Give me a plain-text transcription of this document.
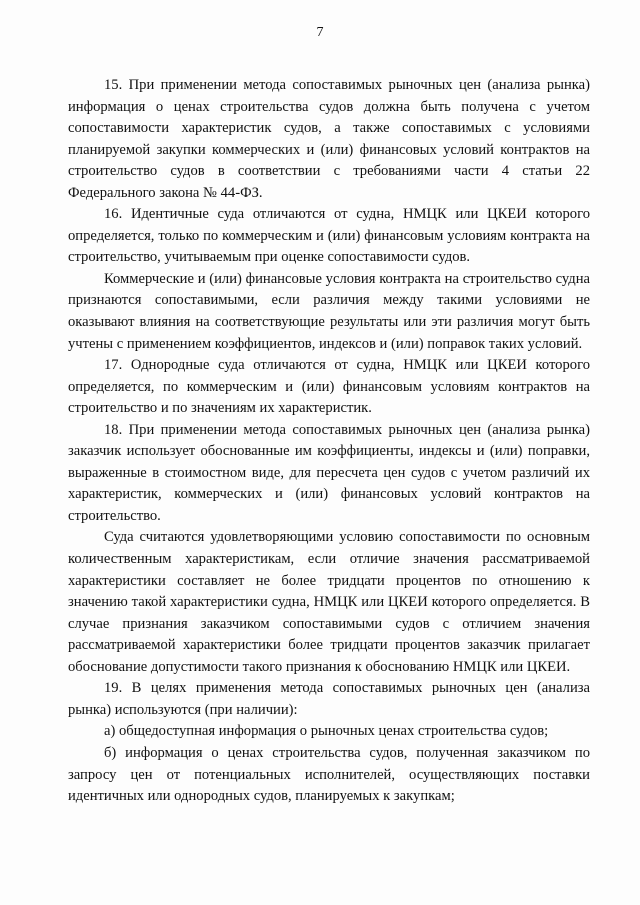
7

15. При применении метода сопоставимых рыночных цен (анализа рынка) информация о ценах строительства судов должна быть получена с учетом сопоставимости характеристик судов, а также сопоставимых с условиями планируемой закупки коммерческих и (или) финансовых условий контрактов на строительство судов в соответствии с требованиями части 4 статьи 22 Федерального закона № 44-ФЗ.

16. Идентичные суда отличаются от судна, НМЦК или ЦКЕИ которого определяется, только по коммерческим и (или) финансовым условиям контракта на строительство, учитываемым при оценке сопоставимости судов.

Коммерческие и (или) финансовые условия контракта на строительство судна признаются сопоставимыми, если различия между такими условиями не оказывают влияния на соответствующие результаты или эти различия могут быть учтены с применением коэффициентов, индексов и (или) поправок таких условий.

17. Однородные суда отличаются от судна, НМЦК или ЦКЕИ которого определяется, по коммерческим и (или) финансовым условиям контрактов на строительство и по значениям их характеристик.

18. При применении метода сопоставимых рыночных цен (анализа рынка) заказчик использует обоснованные им коэффициенты, индексы и (или) поправки, выраженные в стоимостном виде, для пересчета цен судов с учетом различий их характеристик, коммерческих и (или) финансовых условий контрактов на строительство.

Суда считаются удовлетворяющими условию сопоставимости по основным количественным характеристикам, если отличие значения рассматриваемой характеристики составляет не более тридцати процентов по отношению к значению такой характеристики судна, НМЦК или ЦКЕИ которого определяется. В случае признания заказчиком сопоставимыми судов с отличием значения рассматриваемой характеристики более тридцати процентов заказчик прилагает обоснование допустимости такого признания к обоснованию НМЦК или ЦКЕИ.

19. В целях применения метода сопоставимых рыночных цен (анализа рынка) используются (при наличии):

а) общедоступная информация о рыночных ценах строительства судов;

б) информация о ценах строительства судов, полученная заказчиком по запросу цен от потенциальных исполнителей, осуществляющих поставки идентичных или однородных судов, планируемых к закупкам;
